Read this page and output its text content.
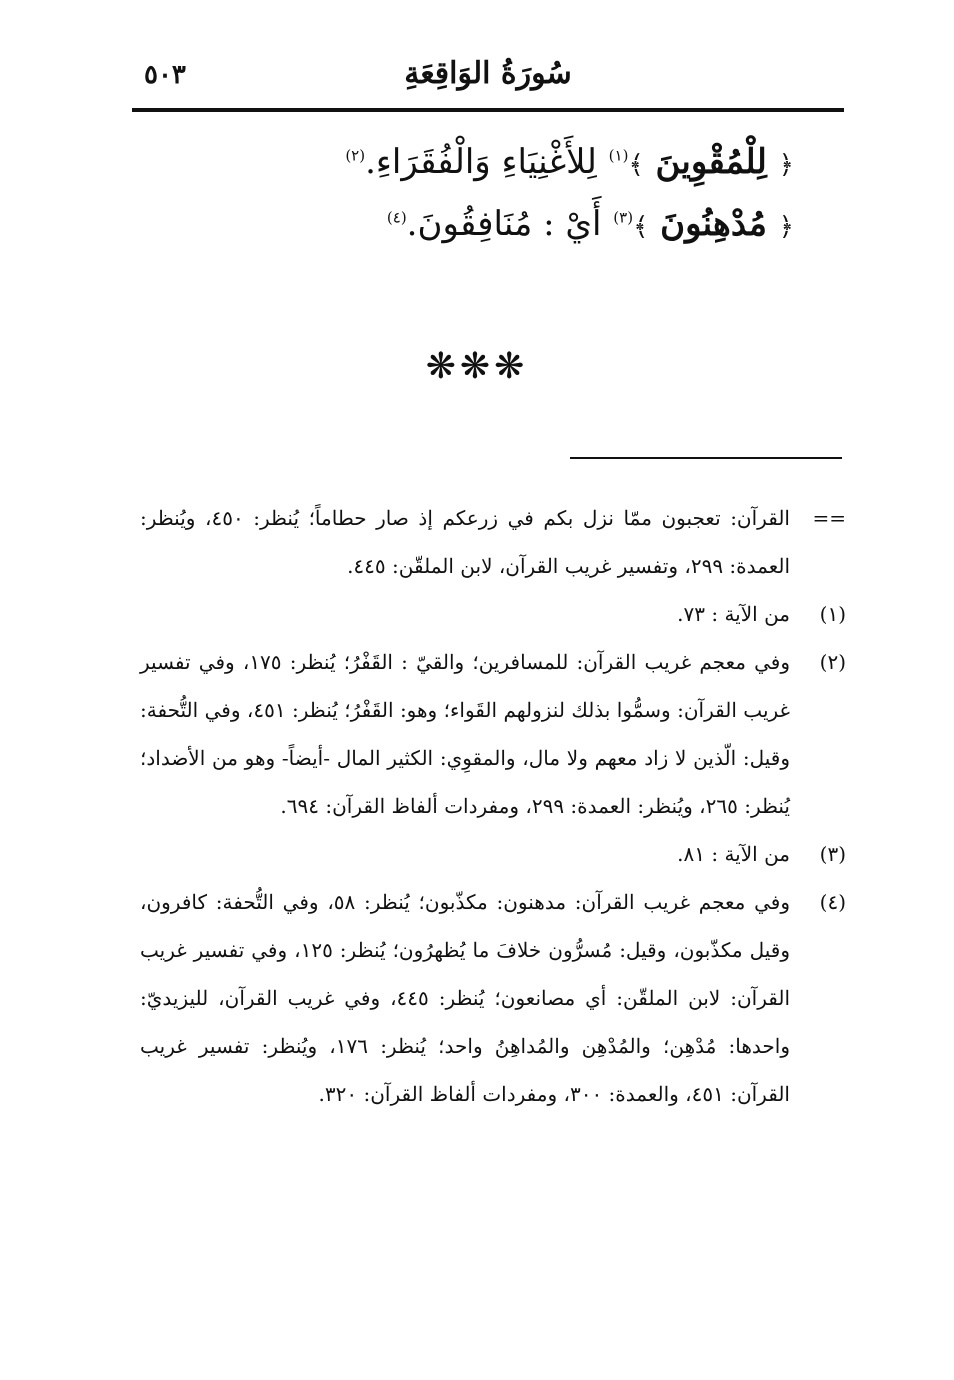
سُورَةُ الوَاقِعَةِ
٥٠٣
﴿ لِلْمُقْوِينَ ﴾$^{(١)}$ لِلأَغْنِيَاءِ وَالْفُقَرَاءِ.$^{(٢)}$
﴿ مُدْهِنُونَ ﴾$^{(٣)}$ أَيْ : مُنَافِقُونَ.$^{(٤)}$
❋❋❋
==
القرآن: تعجبون ممّا نزل بكم في زرعكم إذ صار حطاماً؛ يُنظر: ٤٥٠، ويُنظر: العمدة: ٢٩٩، وتفسير غريب القرآن، لابن الملقّن: ٤٤٥.
(١)
من الآية : ٧٣.
(٢)
وفي معجم غريب القرآن: للمسافرين؛ والقيّ : القَفْرُ؛ يُنظر: ١٧٥، وفي تفسير غريب القرآن: وسمُّوا بذلك لنزولهم القَواء؛ وهو: القَفْرُ؛ يُنظر: ٤٥١، وفي التُّحفة: وقيل: الّذين لا زاد معهم ولا مال، والمقوِي: الكثير المال -أيضاً- وهو من الأضداد؛ يُنظر: ٢٦٥، ويُنظر: العمدة: ٢٩٩، ومفردات ألفاظ القرآن: ٦٩٤.
(٣)
من الآية : ٨١.
(٤)
وفي معجم غريب القرآن: مدهنون: مكذّبون؛ يُنظر: ٥٨، وفي التُّحفة: كافرون، وقيل مكذّبون، وقيل: مُسرُّون خلافَ ما يُظهرُون؛ يُنظر: ١٢٥، وفي تفسير غريب القرآن: لابن الملقّن: أي مصانعون؛ يُنظر: ٤٤٥، وفي غريب القرآن، لليزيديّ: واحدها: مُدْهِن؛ والمُدْهِن والمُداهِنُ واحد؛ يُنظر: ١٧٦، ويُنظر: تفسير غريب القرآن: ٤٥١، والعمدة: ٣٠٠، ومفردات ألفاظ القرآن: ٣٢٠.
